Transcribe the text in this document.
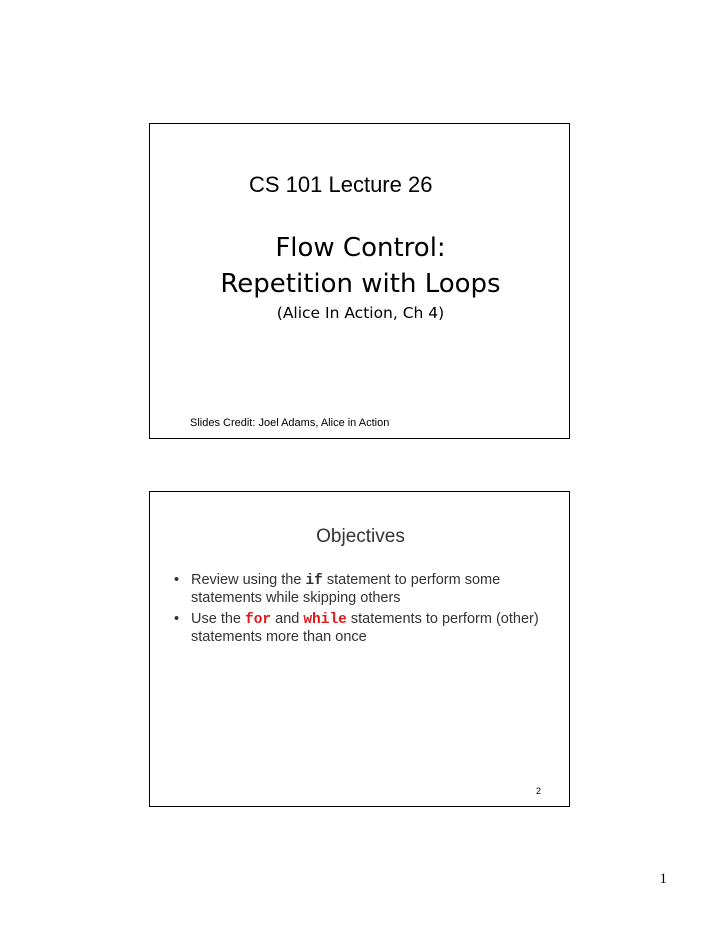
CS 101 Lecture 26
Flow Control:
Repetition with Loops
(Alice In Action, Ch 4)
Slides Credit: Joel Adams, Alice in Action
Objectives
• Review using the if statement to perform some statements while skipping others
• Use the for and while statements to perform (other) statements more than once
2
1
